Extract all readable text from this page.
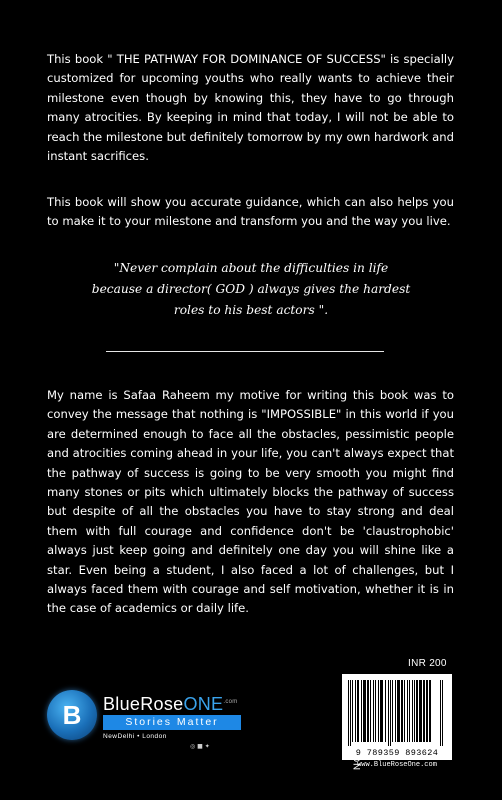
This book " THE PATHWAY FOR DOMINANCE OF SUCCESS" is specially customized for upcoming youths who really wants to achieve their milestone even though by knowing this, they have to go through many atrocities. By keeping in mind that today, I will not be able to reach the milestone but definitely tomorrow by my own hardwork and instant sacrifices.

This book will show you accurate guidance, which can also helps you to make it to your milestone and transform you and the way you live.

"Never complain about the difficulties in life because a director( GOD ) always gives the hardest roles to his best actors ".

My name is Safaa Raheem my motive for writing this book was to convey the message that nothing is "IMPOSSIBLE" in this world if you are determined enough to face all the obstacles, pessimistic people and atrocities coming ahead in your life, you can't always expect that the pathway of success is going to be very smooth you might find many stones or pits which ultimately blocks the pathway of success but despite of all the obstacles you have to stay strong and deal them with full courage and confidence don't be 'claustrophobic' always just keep going and definitely one day you will shine like a star. Even being a student, I also faced a lot of challenges, but I always faced them with courage and self motivation, whether it is in the case of academics or daily life.

B	BlueRoseONE$^{.com}$
Stories Matter
NewDelhi • London
◎ ■ ✦
INR 200
9 789359 893624
www.BlueRoseOne.com
